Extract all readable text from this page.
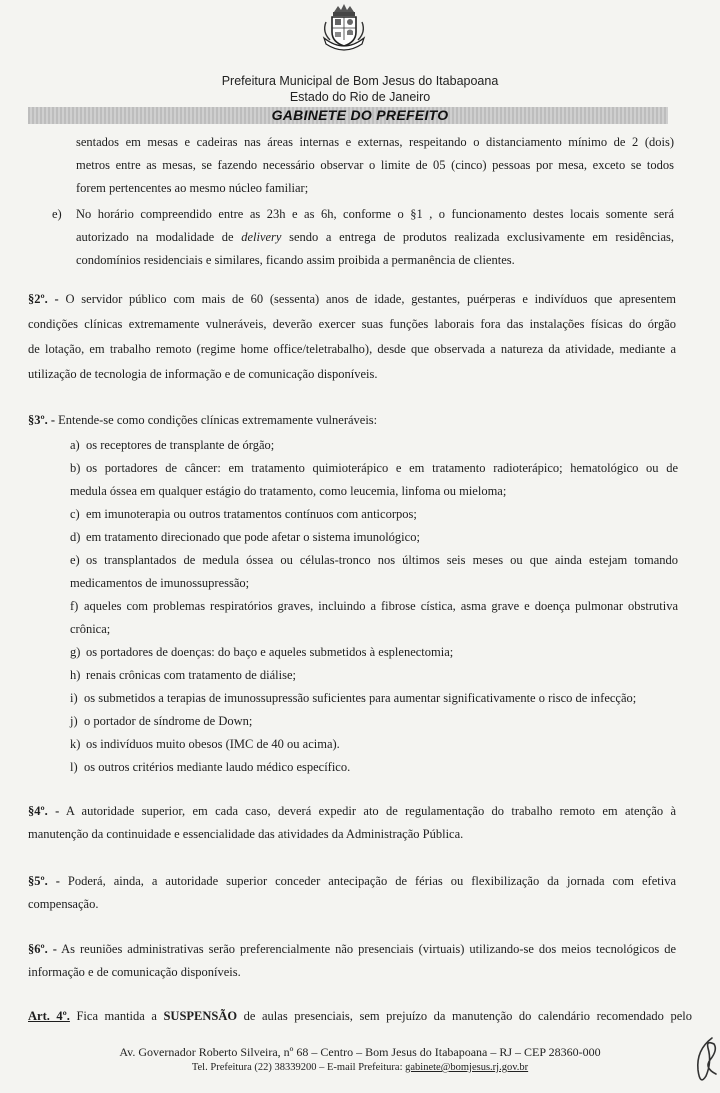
Prefeitura Municipal de Bom Jesus do Itabapoana
Estado do Rio de Janeiro
GABINETE DO PREFEITO
sentados em mesas e cadeiras nas áreas internas e externas, respeitando o distanciamento mínimo de 2 (dois)
metros entre as mesas, se fazendo necessário observar o limite de 05 (cinco) pessoas por mesa, exceto se todos
forem pertencentes ao mesmo núcleo familiar;
e) No horário compreendido entre as 23h e as 6h, conforme o §1 , o funcionamento destes locais somente será
autorizado na modalidade de delivery sendo a entrega de produtos realizada exclusivamente em residências,
condomínios residenciais e similares, ficando assim proibida a permanência de clientes.
§2º. - O servidor público com mais de 60 (sessenta) anos de idade, gestantes, puérperas e indivíduos que apresentem
condições clínicas extremamente vulneráveis, deverão exercer suas funções laborais fora das instalações físicas do órgão
de lotação, em trabalho remoto (regime home office/teletrabalho), desde que observada a natureza da atividade, mediante a
utilização de tecnologia de informação e de comunicação disponíveis.
§3º. - Entende-se como condições clínicas extremamente vulneráveis:
a) os receptores de transplante de órgão;
b) os portadores de câncer: em tratamento quimioterápico e em tratamento radioterápico; hematológico ou de
medula óssea em qualquer estágio do tratamento, como leucemia, linfoma ou mieloma;
c) em imunoterapia ou outros tratamentos contínuos com anticorpos;
d) em tratamento direcionado que pode afetar o sistema imunológico;
e) os transplantados de medula óssea ou células-tronco nos últimos seis meses ou que ainda estejam tomando
medicamentos de imunossupressão;
f) aqueles com problemas respiratórios graves, incluindo a fibrose cística, asma grave e doença pulmonar obstrutiva
crônica;
g) os portadores de doenças: do baço e aqueles submetidos à esplenectomia;
h) renais crônicas com tratamento de diálise;
i) os submetidos a terapias de imunossupressão suficientes para aumentar significativamente o risco de infecção;
j) o portador de síndrome de Down;
k) os indivíduos muito obesos (IMC de 40 ou acima).
l) os outros critérios mediante laudo médico específico.
§4º. - A autoridade superior, em cada caso, deverá expedir ato de regulamentação do trabalho remoto em atenção à
manutenção da continuidade e essencialidade das atividades da Administração Pública.
§5º. - Poderá, ainda, a autoridade superior conceder antecipação de férias ou flexibilização da jornada com efetiva
compensação.
§6º. - As reuniões administrativas serão preferencialmente não presenciais (virtuais) utilizando-se dos meios tecnológicos de
informação e de comunicação disponíveis.
Art. 4º. Fica mantida a SUSPENSÃO de aulas presenciais, sem prejuízo da manutenção do calendário recomendado pelo
Av. Governador Roberto Silveira, nº 68 – Centro – Bom Jesus do Itabapoana – RJ – CEP 28360-000
Tel. Prefeitura (22) 38339200 – E-mail Prefeitura: gabinete@bomjesus.rj.gov.br
